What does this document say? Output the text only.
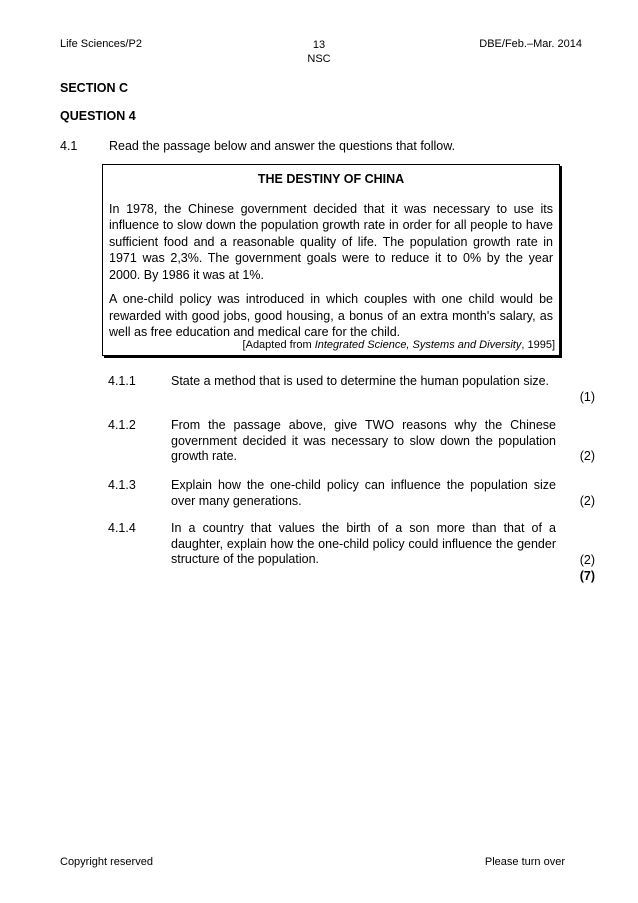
Life Sciences/P2	13
NSC
DBE/Feb.–Mar. 2014
SECTION C
QUESTION 4
4.1	Read the passage below and answer the questions that follow.
THE DESTINY OF CHINA

In 1978, the Chinese government decided that it was necessary to use its influence to slow down the population growth rate in order for all people to have sufficient food and a reasonable quality of life. The population growth rate in 1971 was 2,3%. The government goals were to reduce it to 0% by the year 2000. By 1986 it was at 1%.

A one-child policy was introduced in which couples with one child would be rewarded with good jobs, good housing, a bonus of an extra month's salary, as well as free education and medical care for the child.

[Adapted from Integrated Science, Systems and Diversity, 1995]
4.1.1	State a method that is used to determine the human population size.
(1)
4.1.2	From the passage above, give TWO reasons why the Chinese government decided it was necessary to slow down the population growth rate.	(2)
4.1.3	Explain how the one-child policy can influence the population size over many generations.	(2)
4.1.4	In a country that values the birth of a son more than that of a daughter, explain how the one-child policy could influence the gender structure of the population.	(2)
(7)
Copyright reserved	Please turn over
